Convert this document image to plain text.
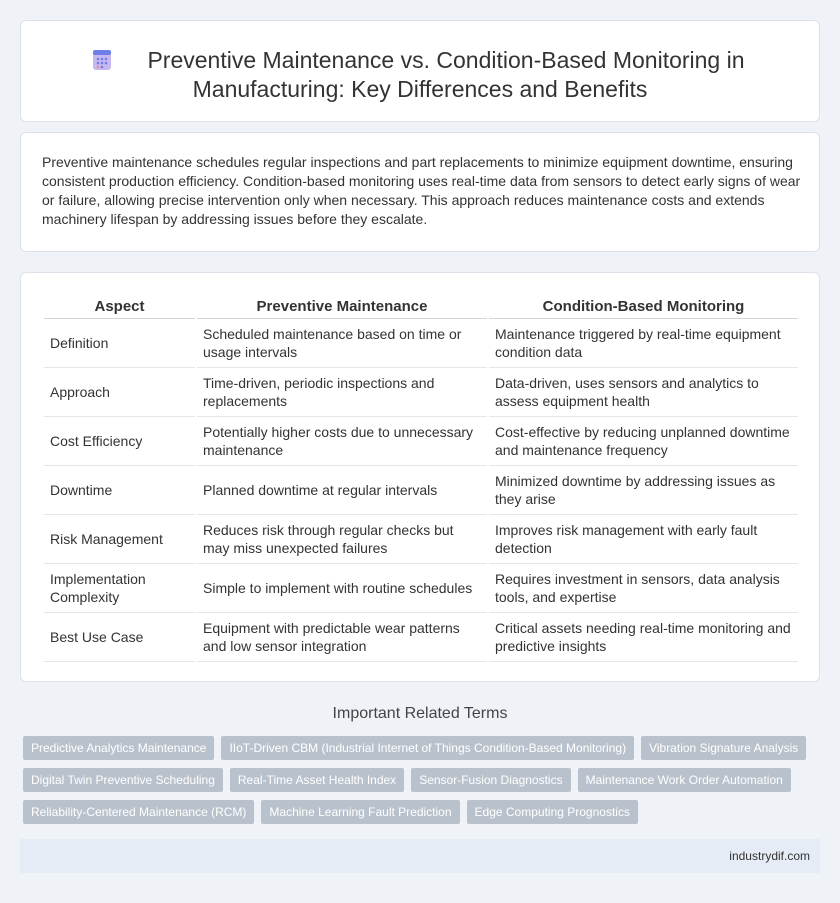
Preventive Maintenance vs. Condition-Based Monitoring in
Manufacturing: Key Differences and Benefits

Preventive maintenance schedules regular inspections and part replacements to minimize equipment downtime, ensuring consistent production efficiency. Condition-based monitoring uses real-time data from sensors to detect early signs of wear or failure, allowing precise intervention only when necessary. This approach reduces maintenance costs and extends machinery lifespan by addressing issues before they escalate.

Aspect	Preventive Maintenance	Condition-Based Monitoring
Definition	Scheduled maintenance based on time or usage intervals	Maintenance triggered by real-time equipment condition data
Approach	Time-driven, periodic inspections and replacements	Data-driven, uses sensors and analytics to assess equipment health
Cost Efficiency	Potentially higher costs due to unnecessary maintenance	Cost-effective by reducing unplanned downtime and maintenance frequency
Downtime	Planned downtime at regular intervals	Minimized downtime by addressing issues as they arise
Risk Management	Reduces risk through regular checks but may miss unexpected failures	Improves risk management with early fault detection
Implementation Complexity	Simple to implement with routine schedules	Requires investment in sensors, data analysis tools, and expertise
Best Use Case	Equipment with predictable wear patterns and low sensor integration	Critical assets needing real-time monitoring and predictive insights
Important Related Terms
Predictive Analytics Maintenance	IIoT-Driven CBM (Industrial Internet of Things Condition-Based Monitoring)	Vibration Signature Analysis
Digital Twin Preventive Scheduling	Real-Time Asset Health Index	Sensor-Fusion Diagnostics	Maintenance Work Order Automation
Reliability-Centered Maintenance (RCM)	Machine Learning Fault Prediction	Edge Computing Prognostics
industrydif.com
